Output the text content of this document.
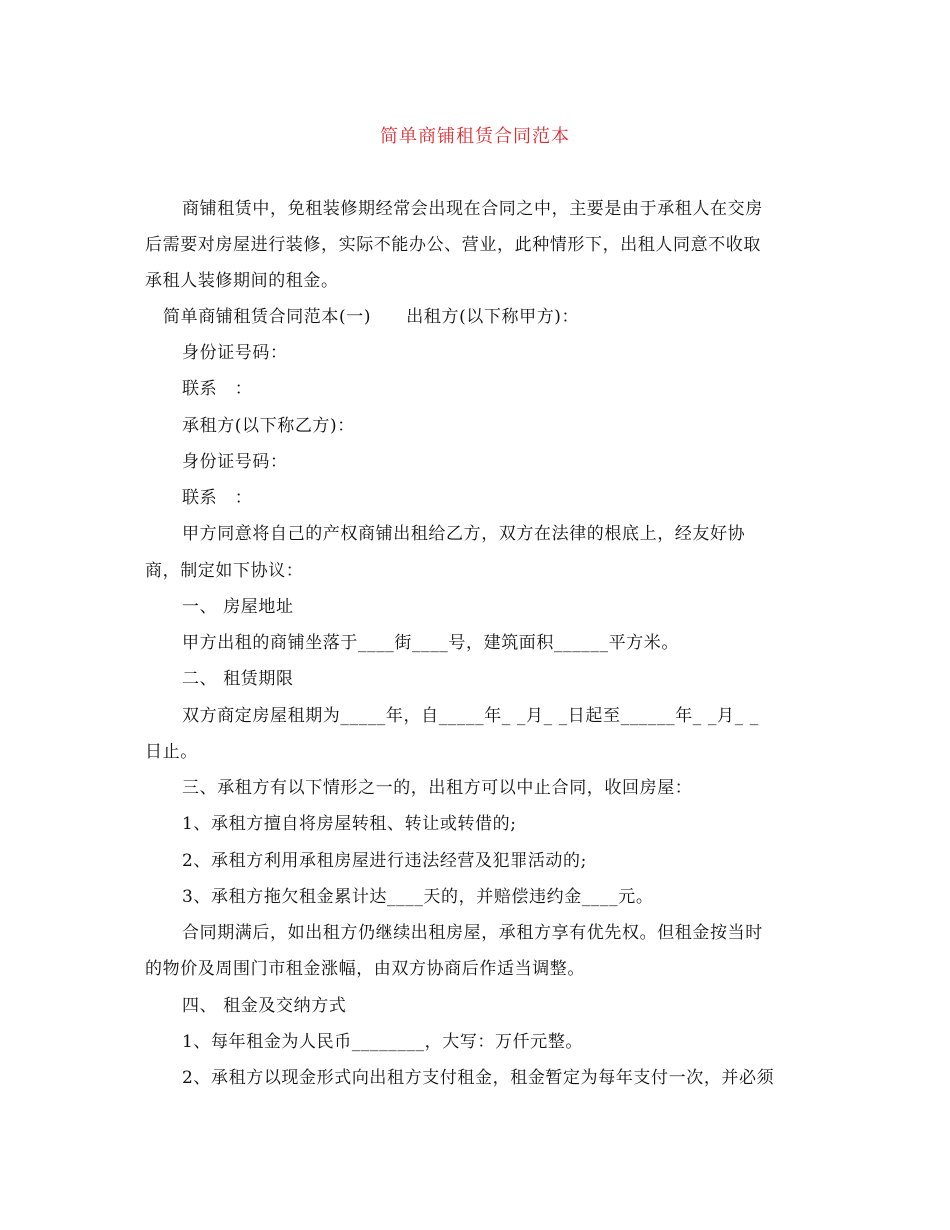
简单商铺租赁合同范本
商铺租赁中，免租装修期经常会出现在合同之中，主要是由于承租人在交房
后需要对房屋进行装修，实际不能办公、营业，此种情形下，出租人同意不收取
承租人装修期间的租金。
简单商铺租赁合同范本(一)　　出租方(以下称甲方)：
身份证号码：
联系　：
承租方(以下称乙方)：
身份证号码：
联系　：
甲方同意将自己的产权商铺出租给乙方，双方在法律的根底上，经友好协
商，制定如下协议：
一、 房屋地址
甲方出租的商铺坐落于____街____号，建筑面积______平方米。
二、 租赁期限
双方商定房屋租期为_____年，自_____年_ _月_ _日起至______年_ _月_ _
日止。
三、承租方有以下情形之一的，出租方可以中止合同，收回房屋：
1、承租方擅自将房屋转租、转让或转借的;
2、承租方利用承租房屋进行违法经营及犯罪活动的;
3、承租方拖欠租金累计达____天的，并赔偿违约金____元。
合同期满后，如出租方仍继续出租房屋，承租方享有优先权。但租金按当时
的物价及周围门市租金涨幅，由双方协商后作适当调整。
四、 租金及交纳方式
1、每年租金为人民币________，大写：万仟元整。
2、承租方以现金形式向出租方支付租金，租金暂定为每年支付一次，并必须
